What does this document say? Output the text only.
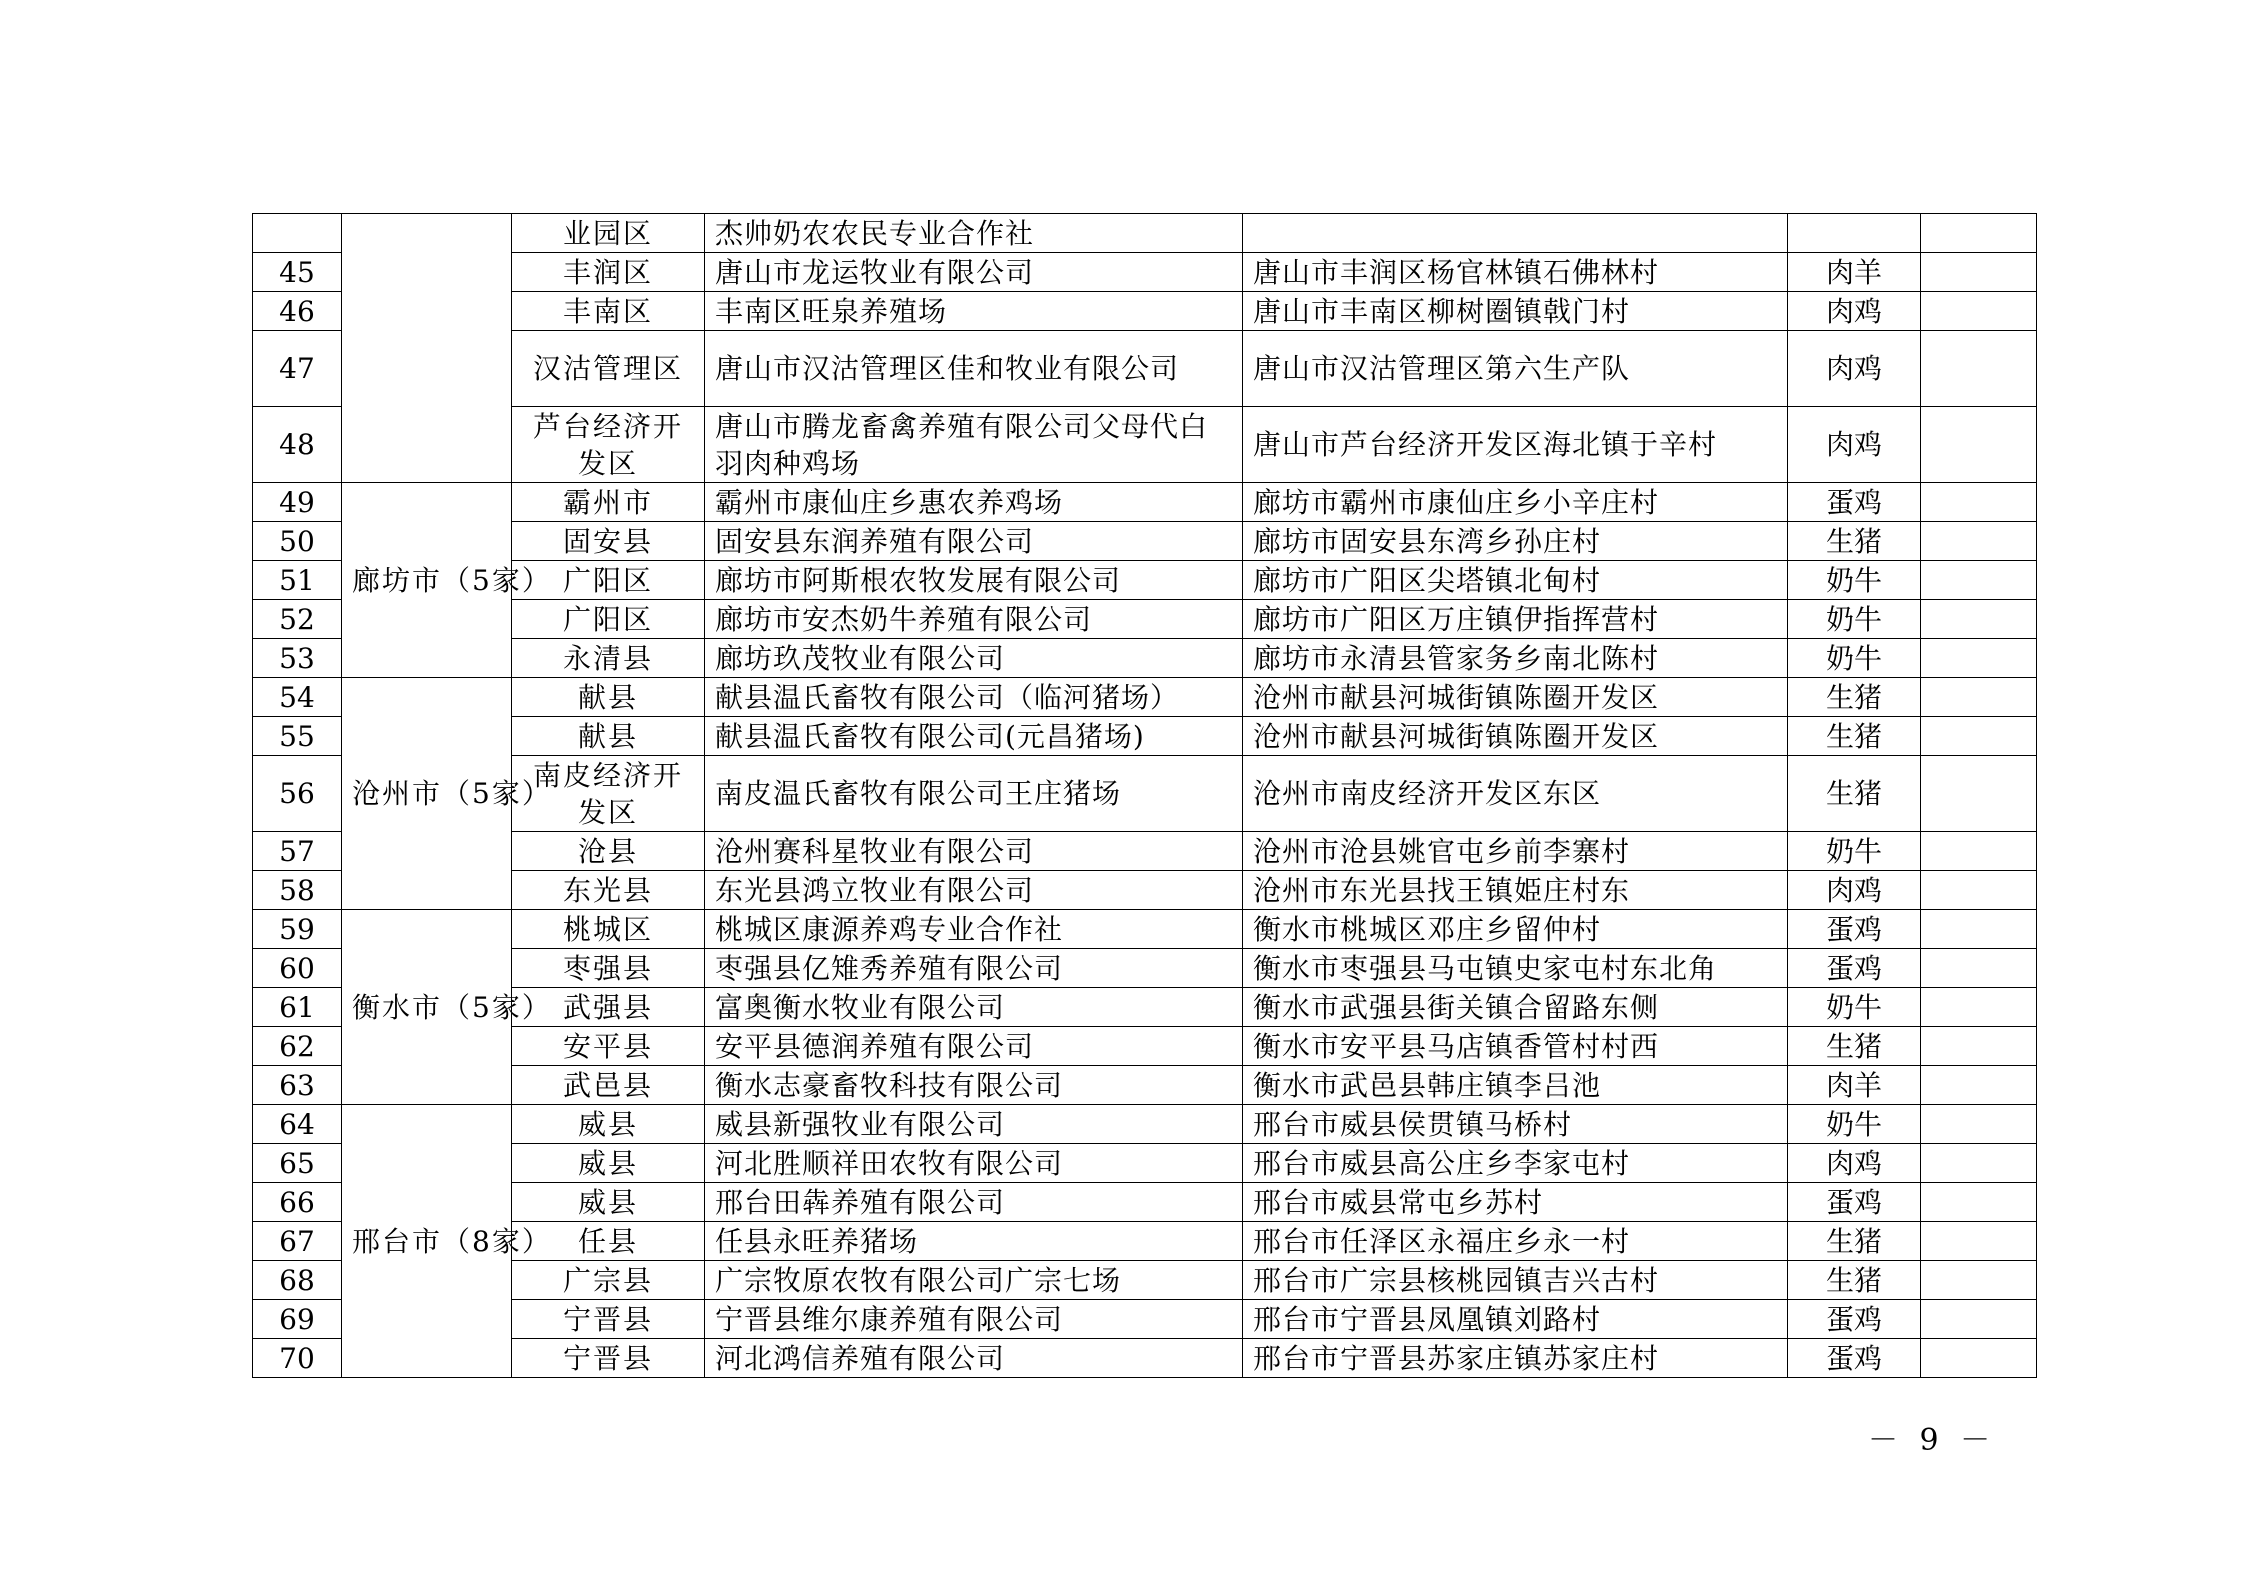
		业园区	杰帅奶农农民专业合作社			
45		丰润区	唐山市龙运牧业有限公司	唐山市丰润区杨官林镇石佛林村	肉羊	
46		丰南区	丰南区旺泉养殖场	唐山市丰南区柳树圈镇戟门村	肉鸡	
47		汉沽管理区	唐山市汉沽管理区佳和牧业有限公司	唐山市汉沽管理区第六生产队	肉鸡	
48		芦台经济开发区	唐山市腾龙畜禽养殖有限公司父母代白羽肉种鸡场	唐山市芦台经济开发区海北镇于辛村	肉鸡	
49	廊坊市（5家）	霸州市	霸州市康仙庄乡惠农养鸡场	廊坊市霸州市康仙庄乡小辛庄村	蛋鸡	
50		固安县	固安县东润养殖有限公司	廊坊市固安县东湾乡孙庄村	生猪	
51		广阳区	廊坊市阿斯根农牧发展有限公司	廊坊市广阳区尖塔镇北甸村	奶牛	
52		广阳区	廊坊市安杰奶牛养殖有限公司	廊坊市广阳区万庄镇伊指挥营村	奶牛	
53		永清县	廊坊玖茂牧业有限公司	廊坊市永清县管家务乡南北陈村	奶牛	
54	沧州市（5家）	献县	献县温氏畜牧有限公司（临河猪场）	沧州市献县河城街镇陈圈开发区	生猪	
55		献县	献县温氏畜牧有限公司(元昌猪场)	沧州市献县河城街镇陈圈开发区	生猪	
56		南皮经济开发区	南皮温氏畜牧有限公司王庄猪场	沧州市南皮经济开发区东区	生猪	
57		沧县	沧州赛科星牧业有限公司	沧州市沧县姚官屯乡前李寨村	奶牛	
58		东光县	东光县鸿立牧业有限公司	沧州市东光县找王镇姫庄村东	肉鸡	
59	衡水市（5家）	桃城区	桃城区康源养鸡专业合作社	衡水市桃城区邓庄乡留仲村	蛋鸡	
60		枣强县	枣强县亿雉秀养殖有限公司	衡水市枣强县马屯镇史家屯村东北角	蛋鸡	
61		武强县	富奥衡水牧业有限公司	衡水市武强县街关镇合留路东侧	奶牛	
62		安平县	安平县德润养殖有限公司	衡水市安平县马店镇香管村村西	生猪	
63		武邑县	衡水志豪畜牧科技有限公司	衡水市武邑县韩庄镇李吕池	肉羊	
64	邢台市（8家）	威县	威县新强牧业有限公司	邢台市威县侯贯镇马桥村	奶牛	
65		威县	河北胜顺祥田农牧有限公司	邢台市威县高公庄乡李家屯村	肉鸡	
66		威县	邢台田犇养殖有限公司	邢台市威县常屯乡苏村	蛋鸡	
67		任县	任县永旺养猪场	邢台市任泽区永福庄乡永一村	生猪	
68		广宗县	广宗牧原农牧有限公司广宗七场	邢台市广宗县核桃园镇吉兴古村	生猪	
69		宁晋县	宁晋县维尔康养殖有限公司	邢台市宁晋县凤凰镇刘路村	蛋鸡	
70		宁晋县	河北鸿信养殖有限公司	邢台市宁晋县苏家庄镇苏家庄村	蛋鸡	
－ 9 －
